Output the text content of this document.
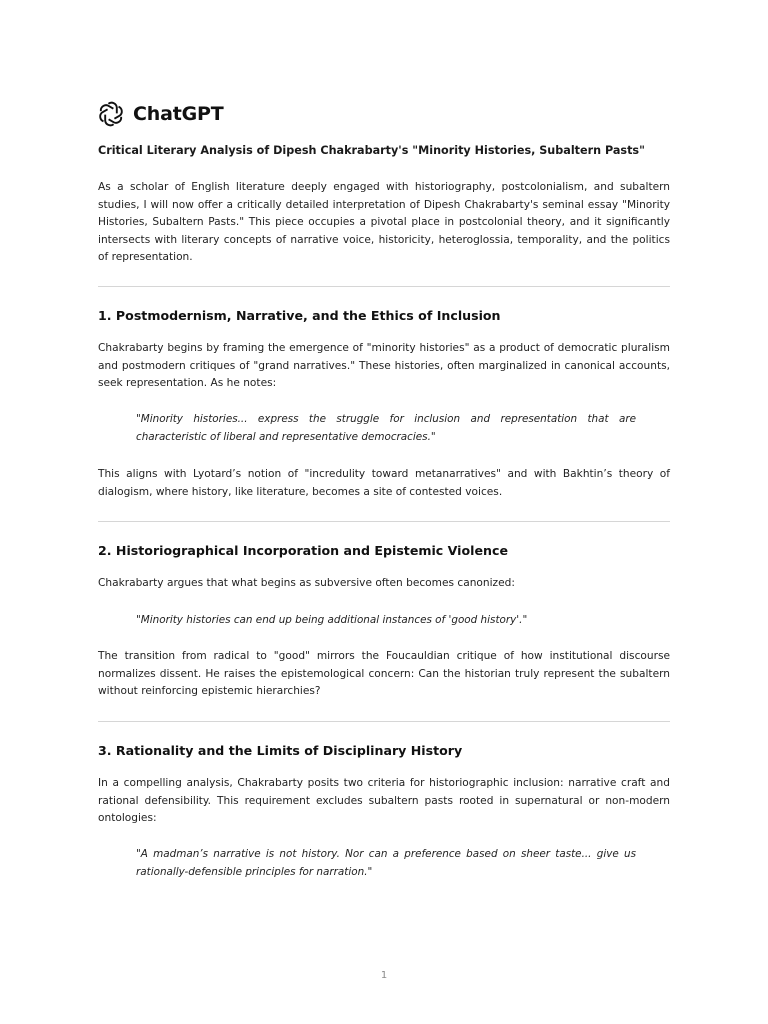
ChatGPT
Critical Literary Analysis of Dipesh Chakrabarty's "Minority Histories, Subaltern Pasts"
As a scholar of English literature deeply engaged with historiography, postcolonialism, and subaltern studies, I will now offer a critically detailed interpretation of Dipesh Chakrabarty's seminal essay "Minority Histories, Subaltern Pasts." This piece occupies a pivotal place in postcolonial theory, and it significantly intersects with literary concepts of narrative voice, historicity, heteroglossia, temporality, and the politics of representation.
1. Postmodernism, Narrative, and the Ethics of Inclusion
Chakrabarty begins by framing the emergence of "minority histories" as a product of democratic pluralism and postmodern critiques of "grand narratives." These histories, often marginalized in canonical accounts, seek representation. As he notes:
"Minority histories... express the struggle for inclusion and representation that are characteristic of liberal and representative democracies."
This aligns with Lyotard’s notion of "incredulity toward metanarratives" and with Bakhtin’s theory of dialogism, where history, like literature, becomes a site of contested voices.
2. Historiographical Incorporation and Epistemic Violence
Chakrabarty argues that what begins as subversive often becomes canonized:
"Minority histories can end up being additional instances of 'good history'."
The transition from radical to "good" mirrors the Foucauldian critique of how institutional discourse normalizes dissent. He raises the epistemological concern: Can the historian truly represent the subaltern without reinforcing epistemic hierarchies?
3. Rationality and the Limits of Disciplinary History
In a compelling analysis, Chakrabarty posits two criteria for historiographic inclusion: narrative craft and rational defensibility. This requirement excludes subaltern pasts rooted in supernatural or non-modern ontologies:
"A madman’s narrative is not history. Nor can a preference based on sheer taste... give us rationally-defensible principles for narration."
1
